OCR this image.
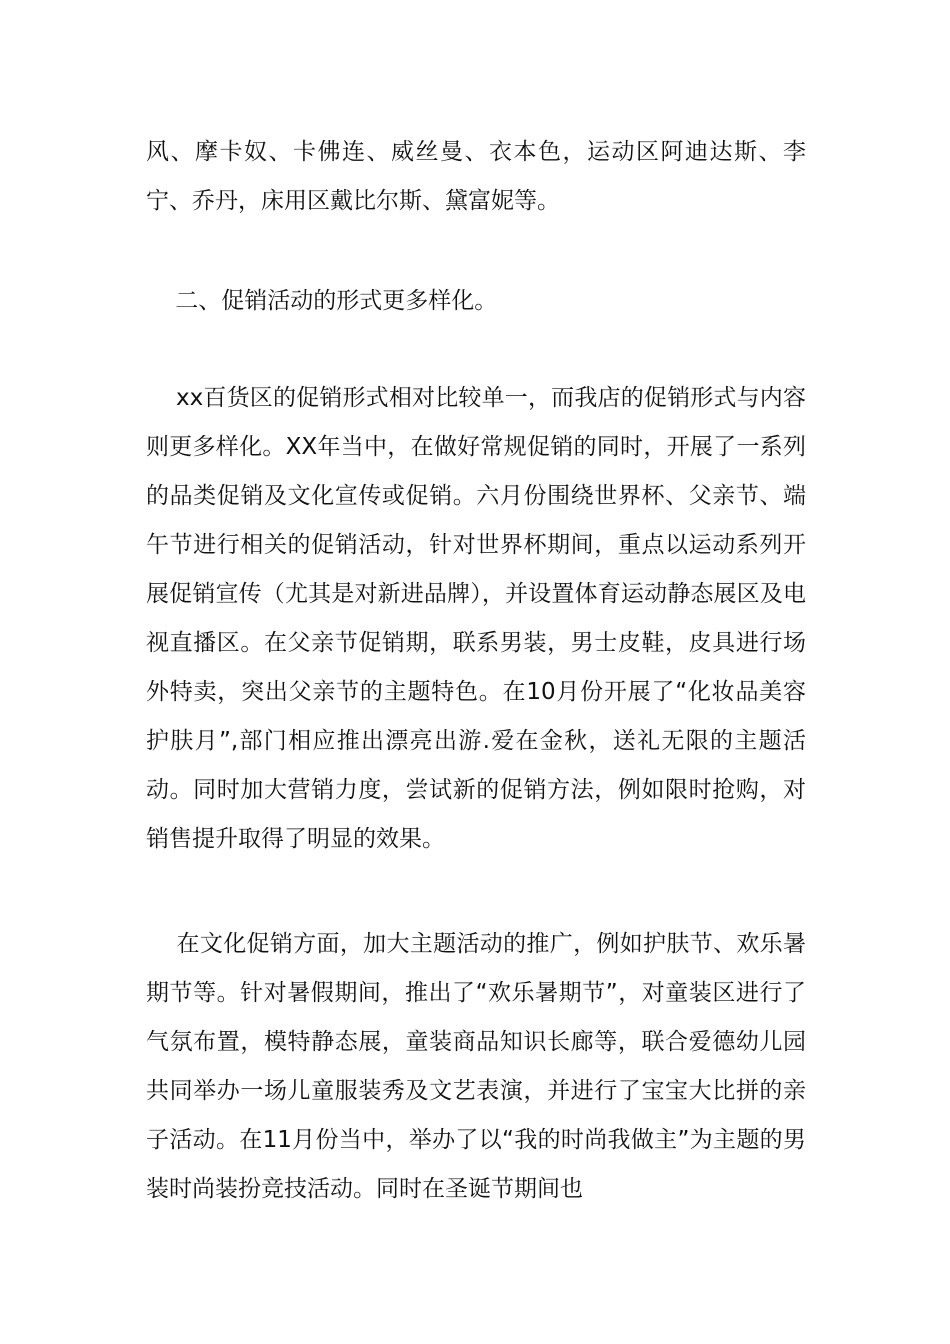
风、摩卡奴、卡佛连、威丝曼、衣本色，运动区阿迪达斯、李宁、乔丹，床用区戴比尔斯、黛富妮等。

二、促销活动的形式更多样化。

xx百货区的促销形式相对比较单一，而我店的促销形式与内容则更多样化。XX年当中，在做好常规促销的同时，开展了一系列的品类促销及文化宣传或促销。六月份围绕世界杯、父亲节、端午节进行相关的促销活动，针对世界杯期间，重点以运动系列开展促销宣传（尤其是对新进品牌），并设置体育运动静态展区及电视直播区。在父亲节促销期，联系男装，男士皮鞋，皮具进行场外特卖，突出父亲节的主题特色。在10月份开展了“化妆品美容护肤月”,部门相应推出漂亮出游.爱在金秋，送礼无限的主题活动。同时加大营销力度，尝试新的促销方法，例如限时抢购，对销售提升取得了明显的效果。

在文化促销方面，加大主题活动的推广，例如护肤节、欢乐暑期节等。针对暑假期间，推出了“欢乐暑期节”，对童装区进行了气氛布置，模特静态展，童装商品知识长廊等，联合爱德幼儿园共同举办一场儿童服装秀及文艺表演，并进行了宝宝大比拼的亲子活动。在11月份当中，举办了以“我的时尚我做主”为主题的男装时尚装扮竞技活动。同时在圣诞节期间也
